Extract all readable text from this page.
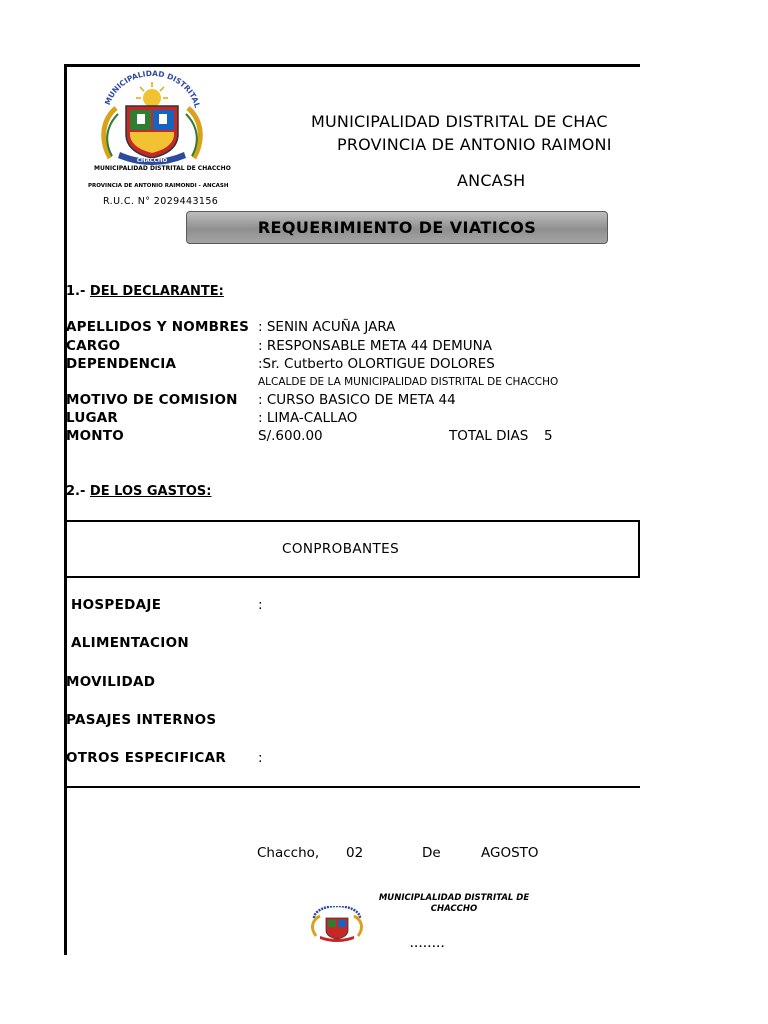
MUNICIPALIDAD DISTRITAL
CHACCHO
MUNICIPALIDAD DISTRITAL DE CHACCHO
PROVINCIA DE ANTONIO RAIMONDI - ANCASH
R.U.C. N° 2029443156
MUNICIPALIDAD DISTRITAL DE CHAC
PROVINCIA DE ANTONIO RAIMONI
ANCASH
REQUERIMIENTO DE VIATICOS
1.- DEL DECLARANTE:
APELLIDOS Y NOMBRES : SENIN ACUÑA JARA
CARGO	: RESPONSABLE META 44 DEMUNA
DEPENDENCIA	:Sr. Cutberto OLORTIGUE DOLORES
ALCALDE DE LA MUNICIPALIDAD DISTRITAL DE CHACCHO
MOTIVO DE COMISION : CURSO BASICO DE META 44
LUGAR	: LIMA-CALLAO
MONTO	S/.600.00	TOTAL DIAS 5
2.- DE LOS GASTOS:
CONPROBANTES
HOSPEDAJE	:
ALIMENTACION
MOVILIDAD
PASAJES INTERNOS
OTROS ESPECIFICAR :
Chaccho, 02	De	AGOSTO
MUNICIPLALIDAD DISTRITAL DE
CHACCHO
........
